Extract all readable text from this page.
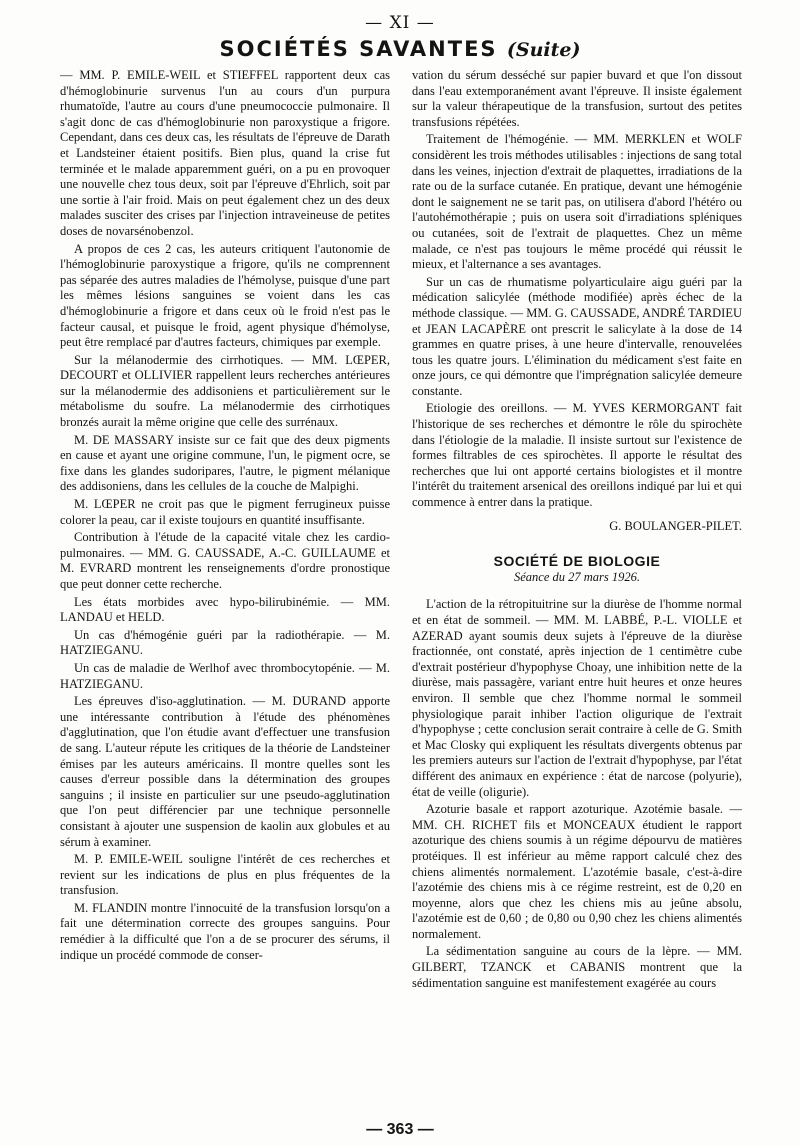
— XI —
SOCIÉTÉS SAVANTES (Suite)

— MM. P. EMILE-WEIL et STIEFFEL rapportent deux cas d'hémoglobinurie survenus l'un au cours d'un purpura rhumatoïde, l'autre au cours d'une pneumococcie pulmonaire. Il s'agit donc de cas d'hémoglobinurie non paroxystique a frigore. Cependant, dans ces deux cas, les résultats de l'épreuve de Darath et Landsteiner étaient positifs. Bien plus, quand la crise fut terminée et le malade apparemment guéri, on a pu en provoquer une nouvelle chez tous deux, soit par l'épreuve d'Ehrlich, soit par une sortie à l'air froid. Mais on peut également chez un des deux malades susciter des crises par l'injection intraveineuse de petites doses de novarsénobenzol.

A propos de ces 2 cas, les auteurs critiquent l'autonomie de l'hémoglobinurie paroxystique a frigore, qu'ils ne comprennent pas séparée des autres maladies de l'hémolyse, puisque d'une part les mêmes lésions sanguines se voient dans les cas d'hémoglobinurie a frigore et dans ceux où le froid n'est pas le facteur causal, et puisque le froid, agent physique d'hémolyse, peut être remplacé par d'autres facteurs, chimiques par exemple.

Sur la mélanodermie des cirrhotiques. — MM. LŒPER, DECOURT et OLLIVIER rappellent leurs recherches antérieures sur la mélanodermie des addisoniens et particulièrement sur le métabolisme du soufre. La mélanodermie des cirrhotiques bronzés aurait la même origine que celle des surrénaux.

M. DE MASSARY insiste sur ce fait que des deux pigments en cause et ayant une origine commune, l'un, le pigment ocre, se fixe dans les glandes sudoripares, l'autre, le pigment mélanique des addisoniens, dans les cellules de la couche de Malpighi.

M. LŒPER ne croit pas que le pigment ferrugineux puisse colorer la peau, car il existe toujours en quantité insuffisante.

Contribution à l'étude de la capacité vitale chez les cardio-pulmonaires. — MM. G. CAUSSADE, A.-C. GUILLAUME et M. EVRARD montrent les renseignements d'ordre pronostique que peut donner cette recherche.

Les états morbides avec hypo-bilirubinémie. — MM. LANDAU et HELD.

Un cas d'hémogénie guéri par la radiothérapie. — M. HATZIEGANU.

Un cas de maladie de Werlhof avec thrombocytopénie. — M. HATZIEGANU.

Les épreuves d'iso-agglutination. — M. DURAND apporte une intéressante contribution à l'étude des phénomènes d'agglutination, que l'on étudie avant d'effectuer une transfusion de sang. L'auteur répute les critiques de la théorie de Landsteiner émises par les auteurs américains. Il montre quelles sont les causes d'erreur possible dans la détermination des groupes sanguins ; il insiste en particulier sur une pseudo-agglutination que l'on peut différencier par une technique personnelle consistant à ajouter une suspension de kaolin aux globules et au sérum à examiner.

M. P. EMILE-WEIL souligne l'intérêt de ces recherches et revient sur les indications de plus en plus fréquentes de la transfusion.

M. FLANDIN montre l'innocuité de la transfusion lorsqu'on a fait une détermination correcte des groupes sanguins. Pour remédier à la difficulté que l'on a de se procurer des sérums, il indique un procédé commode de conser-

vation du sérum desséché sur papier buvard et que l'on dissout dans l'eau extemporanément avant l'épreuve. Il insiste également sur la valeur thérapeutique de la transfusion, surtout des petites transfusions répétées.

Traitement de l'hémogénie. — MM. MERKLEN et WOLF considèrent les trois méthodes utilisables : injections de sang total dans les veines, injection d'extrait de plaquettes, irradiations de la rate ou de la surface cutanée. En pratique, devant une hémogénie dont le saignement ne se tarit pas, on utilisera d'abord l'hétéro ou l'autohémothérapie ; puis on usera soit d'irradiations spléniques ou cutanées, soit de l'extrait de plaquettes. Chez un même malade, ce n'est pas toujours le même procédé qui réussit le mieux, et l'alternance a ses avantages.

Sur un cas de rhumatisme polyarticulaire aigu guéri par la médication salicylée (méthode modifiée) après échec de la méthode classique. — MM. G. CAUSSADE, ANDRÉ TARDIEU et JEAN LACAPÈRE ont prescrit le salicylate à la dose de 14 grammes en quatre prises, à une heure d'intervalle, renouvelées tous les quatre jours. L'élimination du médicament s'est faite en onze jours, ce qui démontre que l'imprégnation salicylée demeure constante.

Etiologie des oreillons. — M. YVES KERMORGANT fait l'historique de ses recherches et démontre le rôle du spirochète dans l'étiologie de la maladie. Il insiste surtout sur l'existence de formes filtrables de ces spirochètes. Il apporte le résultat des recherches que lui ont apporté certains biologistes et il montre l'intérêt du traitement arsenical des oreillons indiqué par lui et qui commence à entrer dans la pratique.

G. BOULANGER-PILET.
SOCIÉTÉ DE BIOLOGIE
Séance du 27 mars 1926.

L'action de la rétropituitrine sur la diurèse de l'homme normal et en état de sommeil. — MM. M. LABBÉ, P.-L. VIOLLE et AZERAD ayant soumis deux sujets à l'épreuve de la diurèse fractionnée, ont constaté, après injection de 1 centimètre cube d'extrait postérieur d'hypophyse Choay, une inhibition nette de la diurèse, mais passagère, variant entre huit heures et onze heures environ. Il semble que chez l'homme normal le sommeil physiologique parait inhiber l'action oligurique de l'extrait d'hypophyse ; cette conclusion serait contraire à celle de G. Smith et Mac Closky qui expliquent les résultats divergents obtenus par les premiers auteurs sur l'action de l'extrait d'hypophyse, par l'état différent des animaux en expérience : état de narcose (polyurie), état de veille (oligurie).

Azoturie basale et rapport azoturique. Azotémie basale. —MM. CH. RICHET fils et MONCEAUX étudient le rapport azoturique des chiens soumis à un régime dépourvu de matières protéiques. Il est inférieur au même rapport calculé chez des chiens alimentés normalement. L'azotémie basale, c'est-à-dire l'azotémie des chiens mis à ce régime restreint, est de 0,20 en moyenne, alors que chez les chiens mis au jeûne absolu, l'azotémie est de 0,60 ; de 0,80 ou 0,90 chez les chiens alimentés normalement.

La sédimentation sanguine au cours de la lèpre. — MM. GILBERT, TZANCK et CABANIS montrent que la sédimentation sanguine est manifestement exagérée au cours

— 363 —
